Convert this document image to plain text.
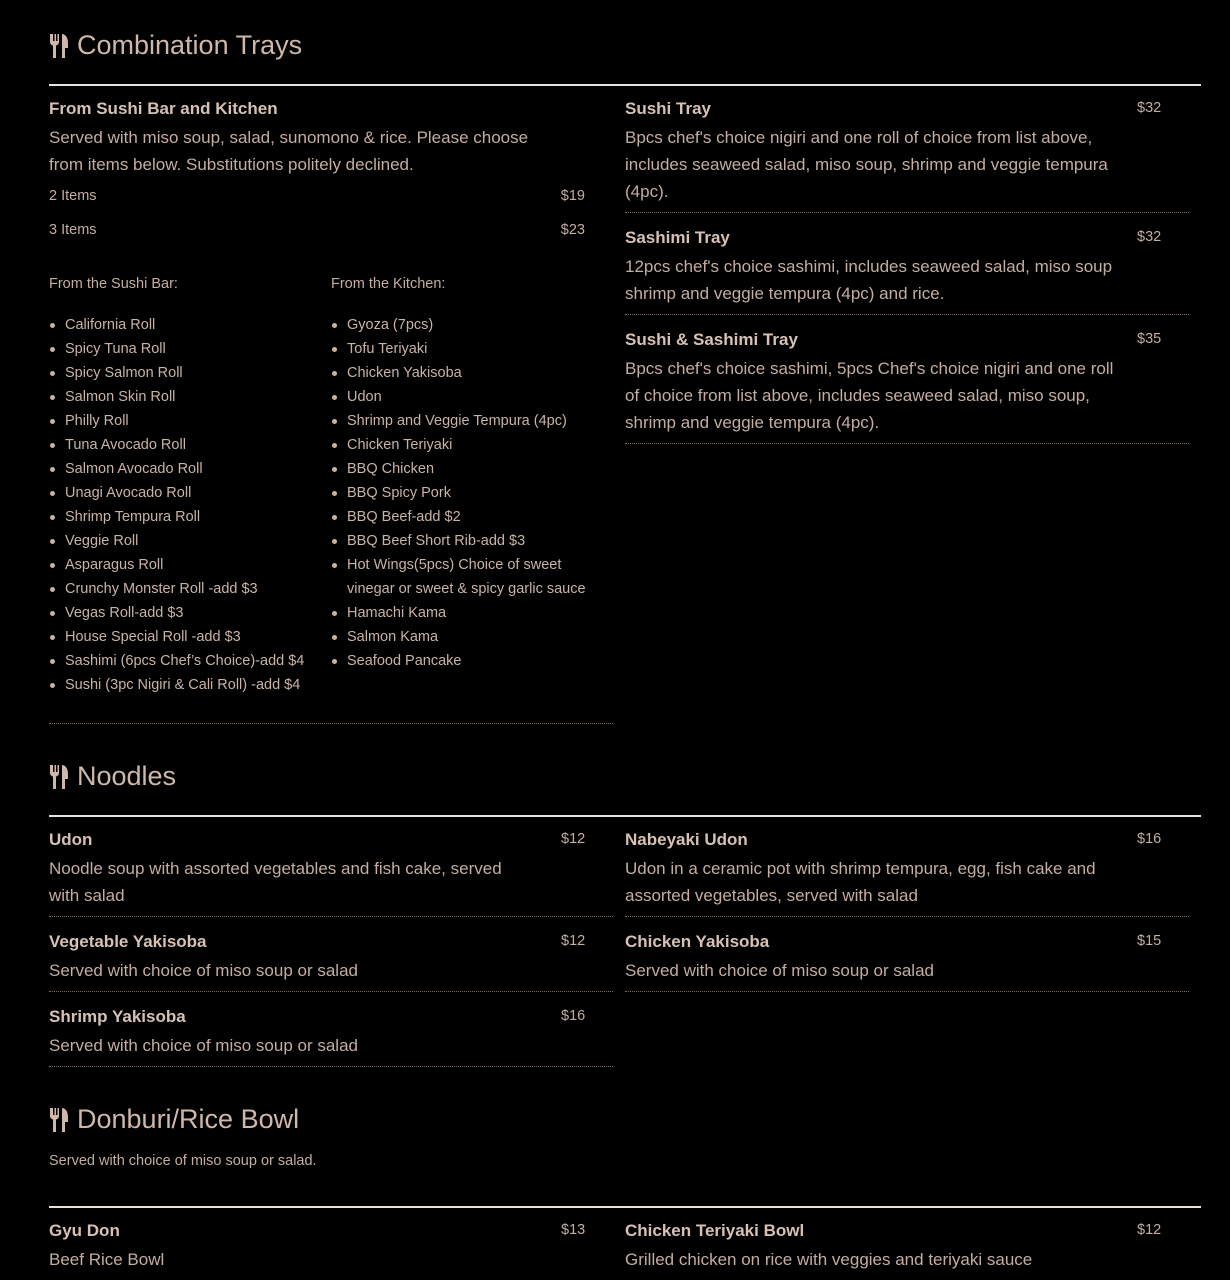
Combination Trays
From Sushi Bar and Kitchen
Served with miso soup, salad, sunomono & rice. Please choose from items below. Substitutions politely declined.
2 Items	$19
3 Items	$23
From the Sushi Bar:	From the Kitchen:
California Roll
Spicy Tuna Roll
Spicy Salmon Roll
Salmon Skin Roll
Philly Roll
Tuna Avocado Roll
Salmon Avocado Roll
Unagi Avocado Roll
Shrimp Tempura Roll
Veggie Roll
Asparagus Roll
Crunchy Monster Roll -add $3
Vegas Roll-add $3
House Special Roll -add $3
Sashimi (6pcs Chef’s Choice)-add $4
Sushi (3pc Nigiri & Cali Roll) -add $4
Gyoza (7pcs)
Tofu Teriyaki
Chicken Yakisoba
Udon
Shrimp and Veggie Tempura (4pc)
Chicken Teriyaki
BBQ Chicken
BBQ Spicy Pork
BBQ Beef-add $2
BBQ Beef Short Rib-add $3
Hot Wings(5pcs) Choice of sweet vinegar or sweet & spicy garlic sauce
Hamachi Kama
Salmon Kama
Seafood Pancake
Sushi Tray
Bpcs chef's choice nigiri and one roll of choice from list above, includes seaweed salad, miso soup, shrimp and veggie tempura (4pc).
$32
Sashimi Tray
12pcs chef's choice sashimi, includes seaweed salad, miso soup shrimp and veggie tempura (4pc) and rice.
$32
Sushi & Sashimi Tray
Bpcs chef's choice sashimi, 5pcs Chef's choice nigiri and one roll of choice from list above, includes seaweed salad, miso soup, shrimp and veggie tempura (4pc).
$35
Noodles
Udon
Noodle soup with assorted vegetables and fish cake, served with salad
$12 Nabeyaki Udon
Udon in a ceramic pot with shrimp tempura, egg, fish cake and assorted vegetables, served with salad
$16
Vegetable Yakisoba
Served with choice of miso soup or salad
$12 Chicken Yakisoba
Served with choice of miso soup or salad
$15
Shrimp Yakisoba
Served with choice of miso soup or salad
$16
Donburi/Rice Bowl
Served with choice of miso soup or salad.
Gyu Don
Beef Rice Bowl
$13 Chicken Teriyaki Bowl
Grilled chicken on rice with veggies and teriyaki sauce
$12
